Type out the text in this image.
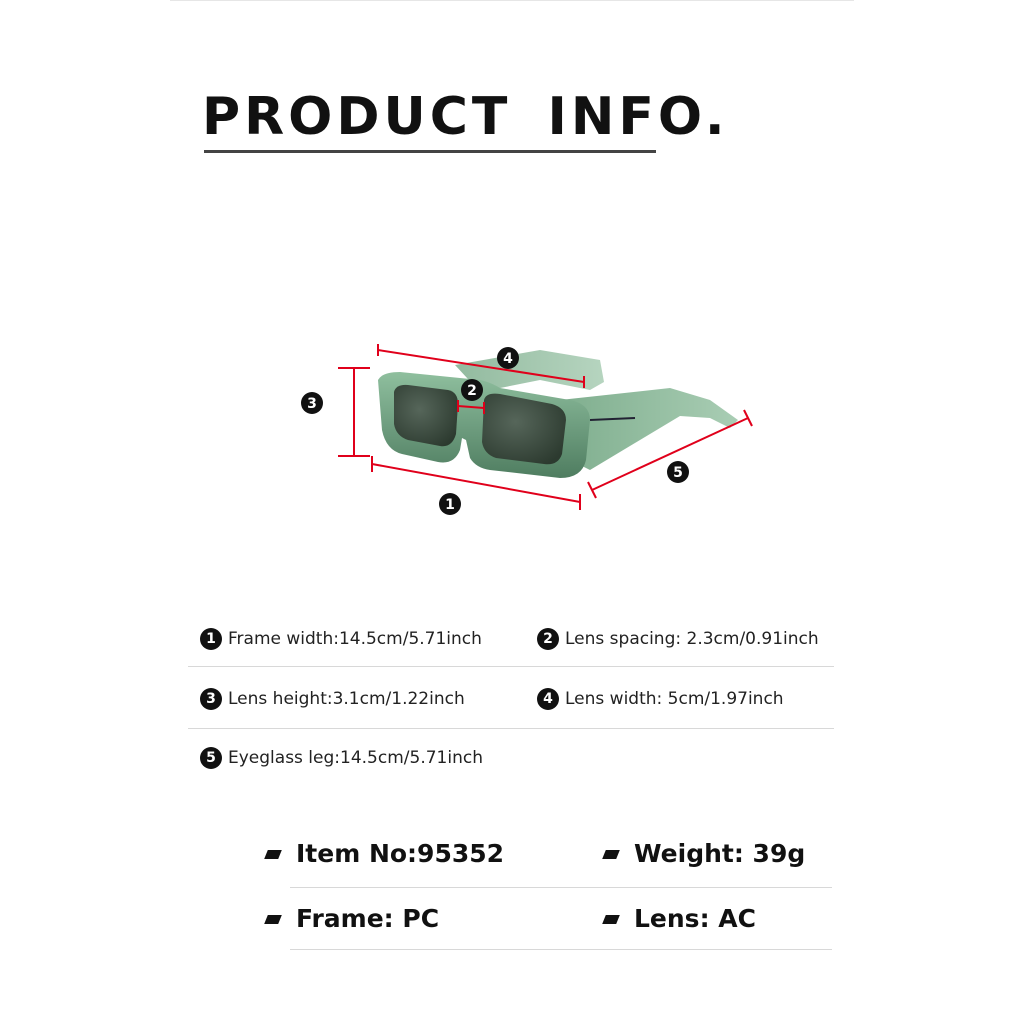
PRODUCT INFO.
4
2
3
1
5
1 Frame width:14.5cm/5.71inch	2 Lens spacing: 2.3cm/0.91inch
3 Lens height:3.1cm/1.22inch	4 Lens width: 5cm/1.97inch
5 Eyeglass leg:14.5cm/5.71inch
Item No:95352	Weight: 39g
Frame: PC	Lens: AC
